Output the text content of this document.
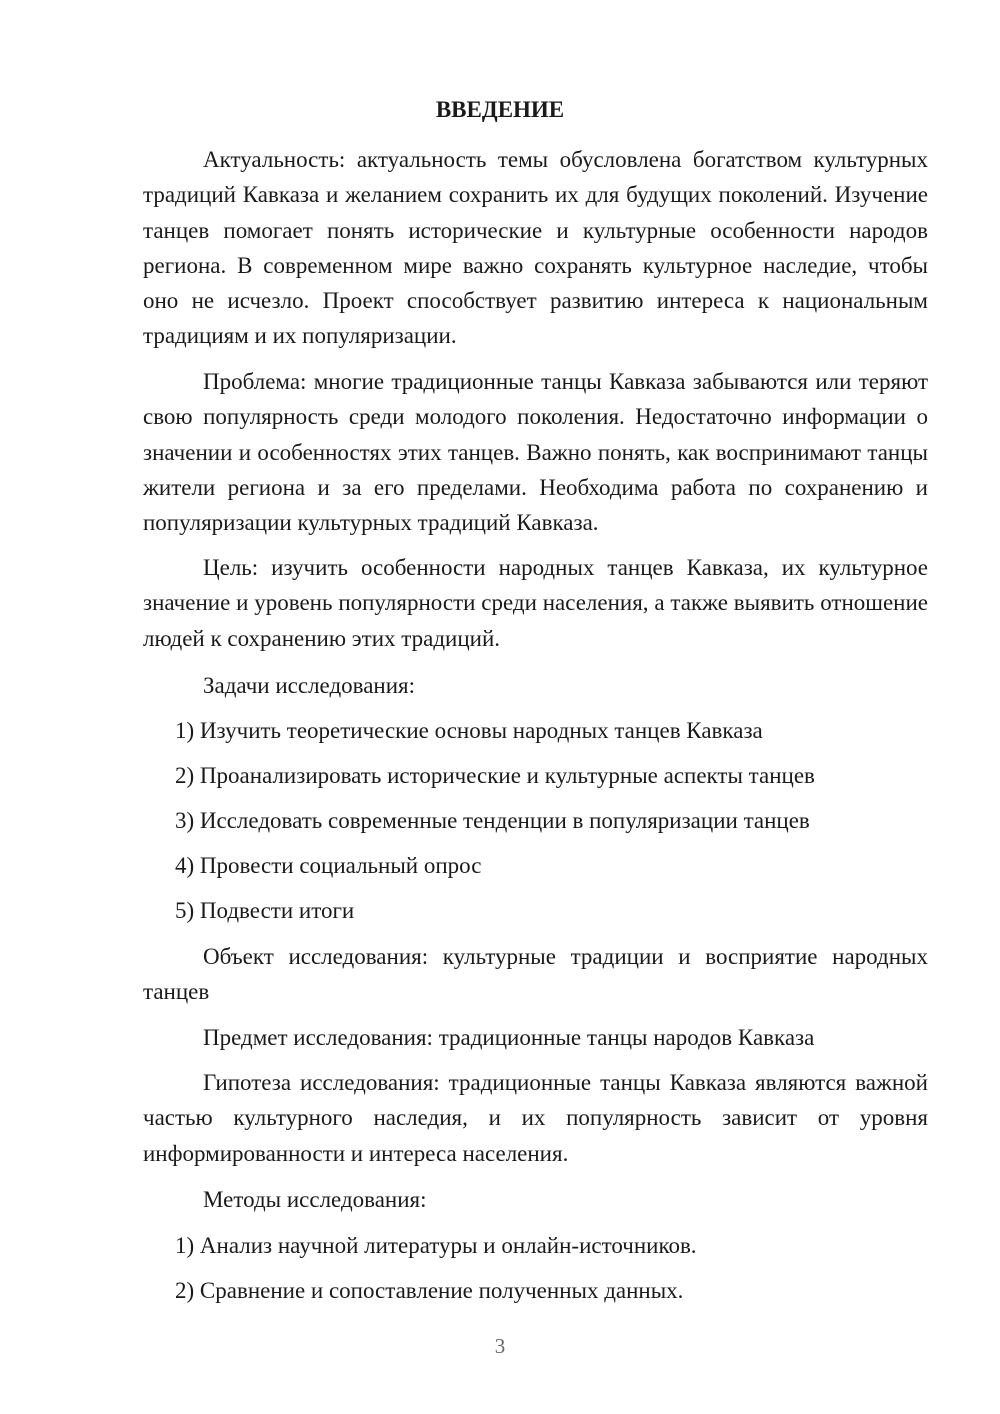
ВВЕДЕНИЕ

Актуальность: актуальность темы обусловлена богатством культурных традиций Кавказа и желанием сохранить их для будущих поколений. Изучение танцев помогает понять исторические и культурные особенности народов региона. В современном мире важно сохранять культурное наследие, чтобы оно не исчезло. Проект способствует развитию интереса к национальным традициям и их популяризации.

Проблема: многие традиционные танцы Кавказа забываются или теряют свою популярность среди молодого поколения. Недостаточно информации о значении и особенностях этих танцев. Важно понять, как воспринимают танцы жители региона и за его пределами. Необходима работа по сохранению и популяризации культурных традиций Кавказа.

Цель: изучить особенности народных танцев Кавказа, их культурное значение и уровень популярности среди населения, а также выявить отношение людей к сохранению этих традиций.

Задачи исследования:

1) Изучить теоретические основы народных танцев Кавказа

2) Проанализировать исторические и культурные аспекты танцев

3) Исследовать современные тенденции в популяризации танцев

4) Провести социальный опрос

5) Подвести итоги

Объект исследования: культурные традиции и восприятие народных танцев

Предмет исследования: традиционные танцы народов Кавказа

Гипотеза исследования: традиционные танцы Кавказа являются важной частью культурного наследия, и их популярность зависит от уровня информированности и интереса населения.

Методы исследования:

1) Анализ научной литературы и онлайн-источников.

2) Сравнение и сопоставление полученных данных.

3
